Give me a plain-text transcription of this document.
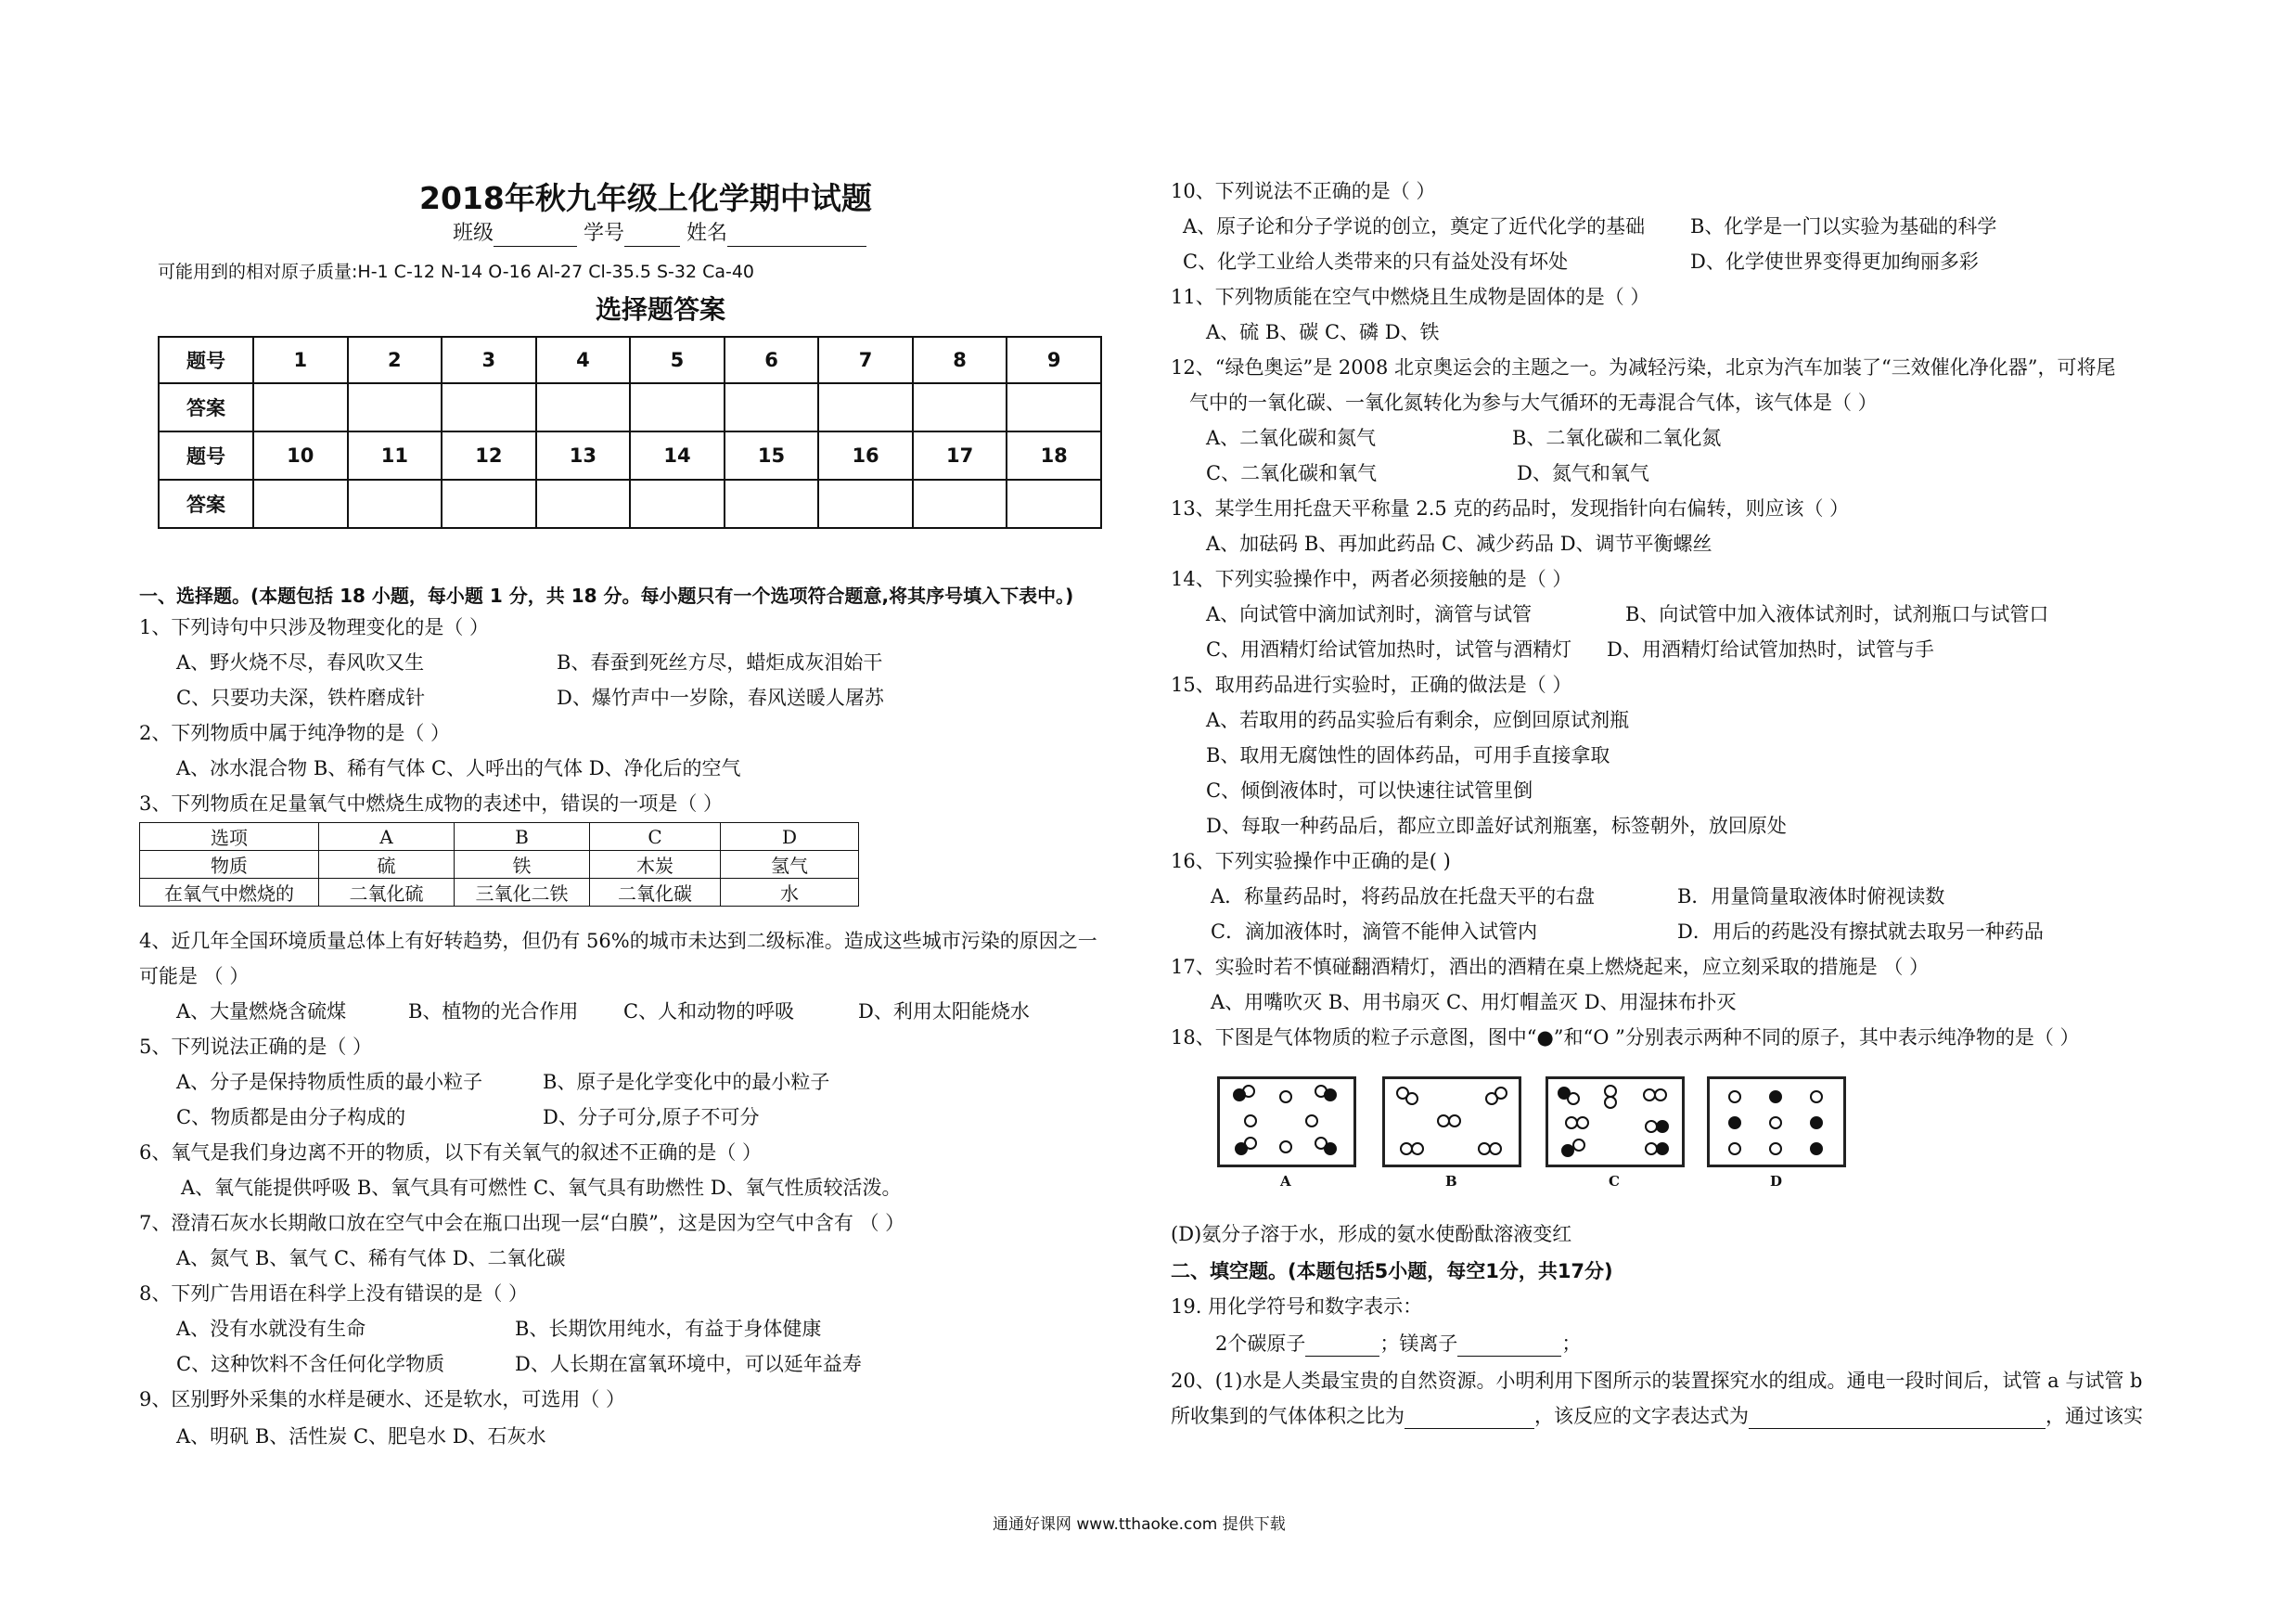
2018年秋九年级上化学期中试题
班级	学号	姓名
可能用到的相对原子质量:H-1 C-12 N-14 O-16 Al-27 Cl-35.5 S-32 Ca-40
选择题答案
题号	1	2	3	4	5	6	7	8	9
答案									
题号	10	11	12	13	14	15	16	17	18
答案									
一、选择题。(本题包括 18 小题，每小题 1 分，共 18 分。每小题只有一个选项符合题意,将其序号填入下表中。)
1、下列诗句中只涉及物理变化的是（ ）
A、野火烧不尽，春风吹又生	B、春蚕到死丝方尽，蜡炬成灰泪始干
C、只要功夫深，铁杵磨成针	D、爆竹声中一岁除，春风送暖人屠苏
2、下列物质中属于纯净物的是（ ）
A、冰水混合物 B、稀有气体 C、人呼出的气体 D、净化后的空气
3、下列物质在足量氧气中燃烧生成物的表述中，错误的一项是（ ）
选项	A	B	C	D
物质	硫	铁	木炭	氢气
在氧气中燃烧的	二氧化硫	三氧化二铁	二氧化碳	水
4、近几年全国环境质量总体上有好转趋势，但仍有 56%的城市未达到二级标准。造成这些城市污染的原因之一
可能是 （ ）
A、大量燃烧含硫煤	B、植物的光合作用 C、人和动物的呼吸	D、利用太阳能烧水
5、下列说法正确的是（ ）
A、分子是保持物质性质的最小粒子	B、原子是化学变化中的最小粒子
C、物质都是由分子构成的	D、分子可分,原子不可分
6、氧气是我们身边离不开的物质，以下有关氧气的叙述不正确的是（ ）
A、氧气能提供呼吸 B、氧气具有可燃性 C、氧气具有助燃性 D、氧气性质较活泼。
7、澄清石灰水长期敞口放在空气中会在瓶口出现一层“白膜”，这是因为空气中含有 （ ）
A、氮气 B、氧气 C、稀有气体 D、二氧化碳
8、下列广告用语在科学上没有错误的是（ ）
A、没有水就没有生命	B、长期饮用纯水，有益于身体健康
C、这种饮料不含任何化学物质	D、人长期在富氧环境中，可以延年益寿
9、区别野外采集的水样是硬水、还是软水，可选用（ ）
A、明矾 B、活性炭 C、肥皂水 D、石灰水
10、下列说法不正确的是（ ）
A、原子论和分子学说的创立，奠定了近代化学的基础 B、化学是一门以实验为基础的科学
C、化学工业给人类带来的只有益处没有坏处	D、化学使世界变得更加绚丽多彩
11、下列物质能在空气中燃烧且生成物是固体的是（ ）
A、硫 B、碳 C、磷 D、铁
12、“绿色奥运”是 2008 北京奥运会的主题之一。为减轻污染，北京为汽车加装了“三效催化净化器”，可将尾
气中的一氧化碳、一氧化氮转化为参与大气循环的无毒混合气体，该气体是（ ）
A、二氧化碳和氮气	B、二氧化碳和二氧化氮
C、二氧化碳和氧气	D、氮气和氧气
13、某学生用托盘天平称量 2.5 克的药品时，发现指针向右偏转，则应该（ ）
A、加砝码 B、再加此药品 C、减少药品 D、调节平衡螺丝
14、下列实验操作中，两者必须接触的是（ ）
A、向试管中滴加试剂时，滴管与试管	B、向试管中加入液体试剂时，试剂瓶口与试管口
C、用酒精灯给试管加热时，试管与酒精灯 D、用酒精灯给试管加热时，试管与手
15、取用药品进行实验时，正确的做法是（ ）
A、若取用的药品实验后有剩余，应倒回原试剂瓶
B、取用无腐蚀性的固体药品，可用手直接拿取
C、倾倒液体时，可以快速往试管里倒
D、每取一种药品后，都应立即盖好试剂瓶塞，标签朝外，放回原处
16、下列实验操作中正确的是( )
A．称量药品时，将药品放在托盘天平的右盘	B．用量筒量取液体时俯视读数
C．滴加液体时，滴管不能伸入试管内	D．用后的药匙没有擦拭就去取另一种药品
17、实验时若不慎碰翻酒精灯，酒出的酒精在桌上燃烧起来，应立刻采取的措施是 （ ）
A、用嘴吹灭 B、用书扇灭 C、用灯帽盖灭 D、用湿抹布扑灭
18、下图是气体物质的粒子示意图，图中“●”和“O ”分别表示两种不同的原子，其中表示纯净物的是（ ）
A	B	C	D
(D)氨分子溶于水，形成的氨水使酚酞溶液变红
二、填空题。(本题包括5小题，每空1分，共17分)
19. 用化学符号和数字表示：
2个碳原子	；镁离子	；
20、(1)水是人类最宝贵的自然资源。小明利用下图所示的装置探究水的组成。通电一段时间后，试管 a 与试管 b
所收集到的气体体积之比为	，该反应的文字表达式为	，通过该实
通通好课网 www.tthaoke.com 提供下载
